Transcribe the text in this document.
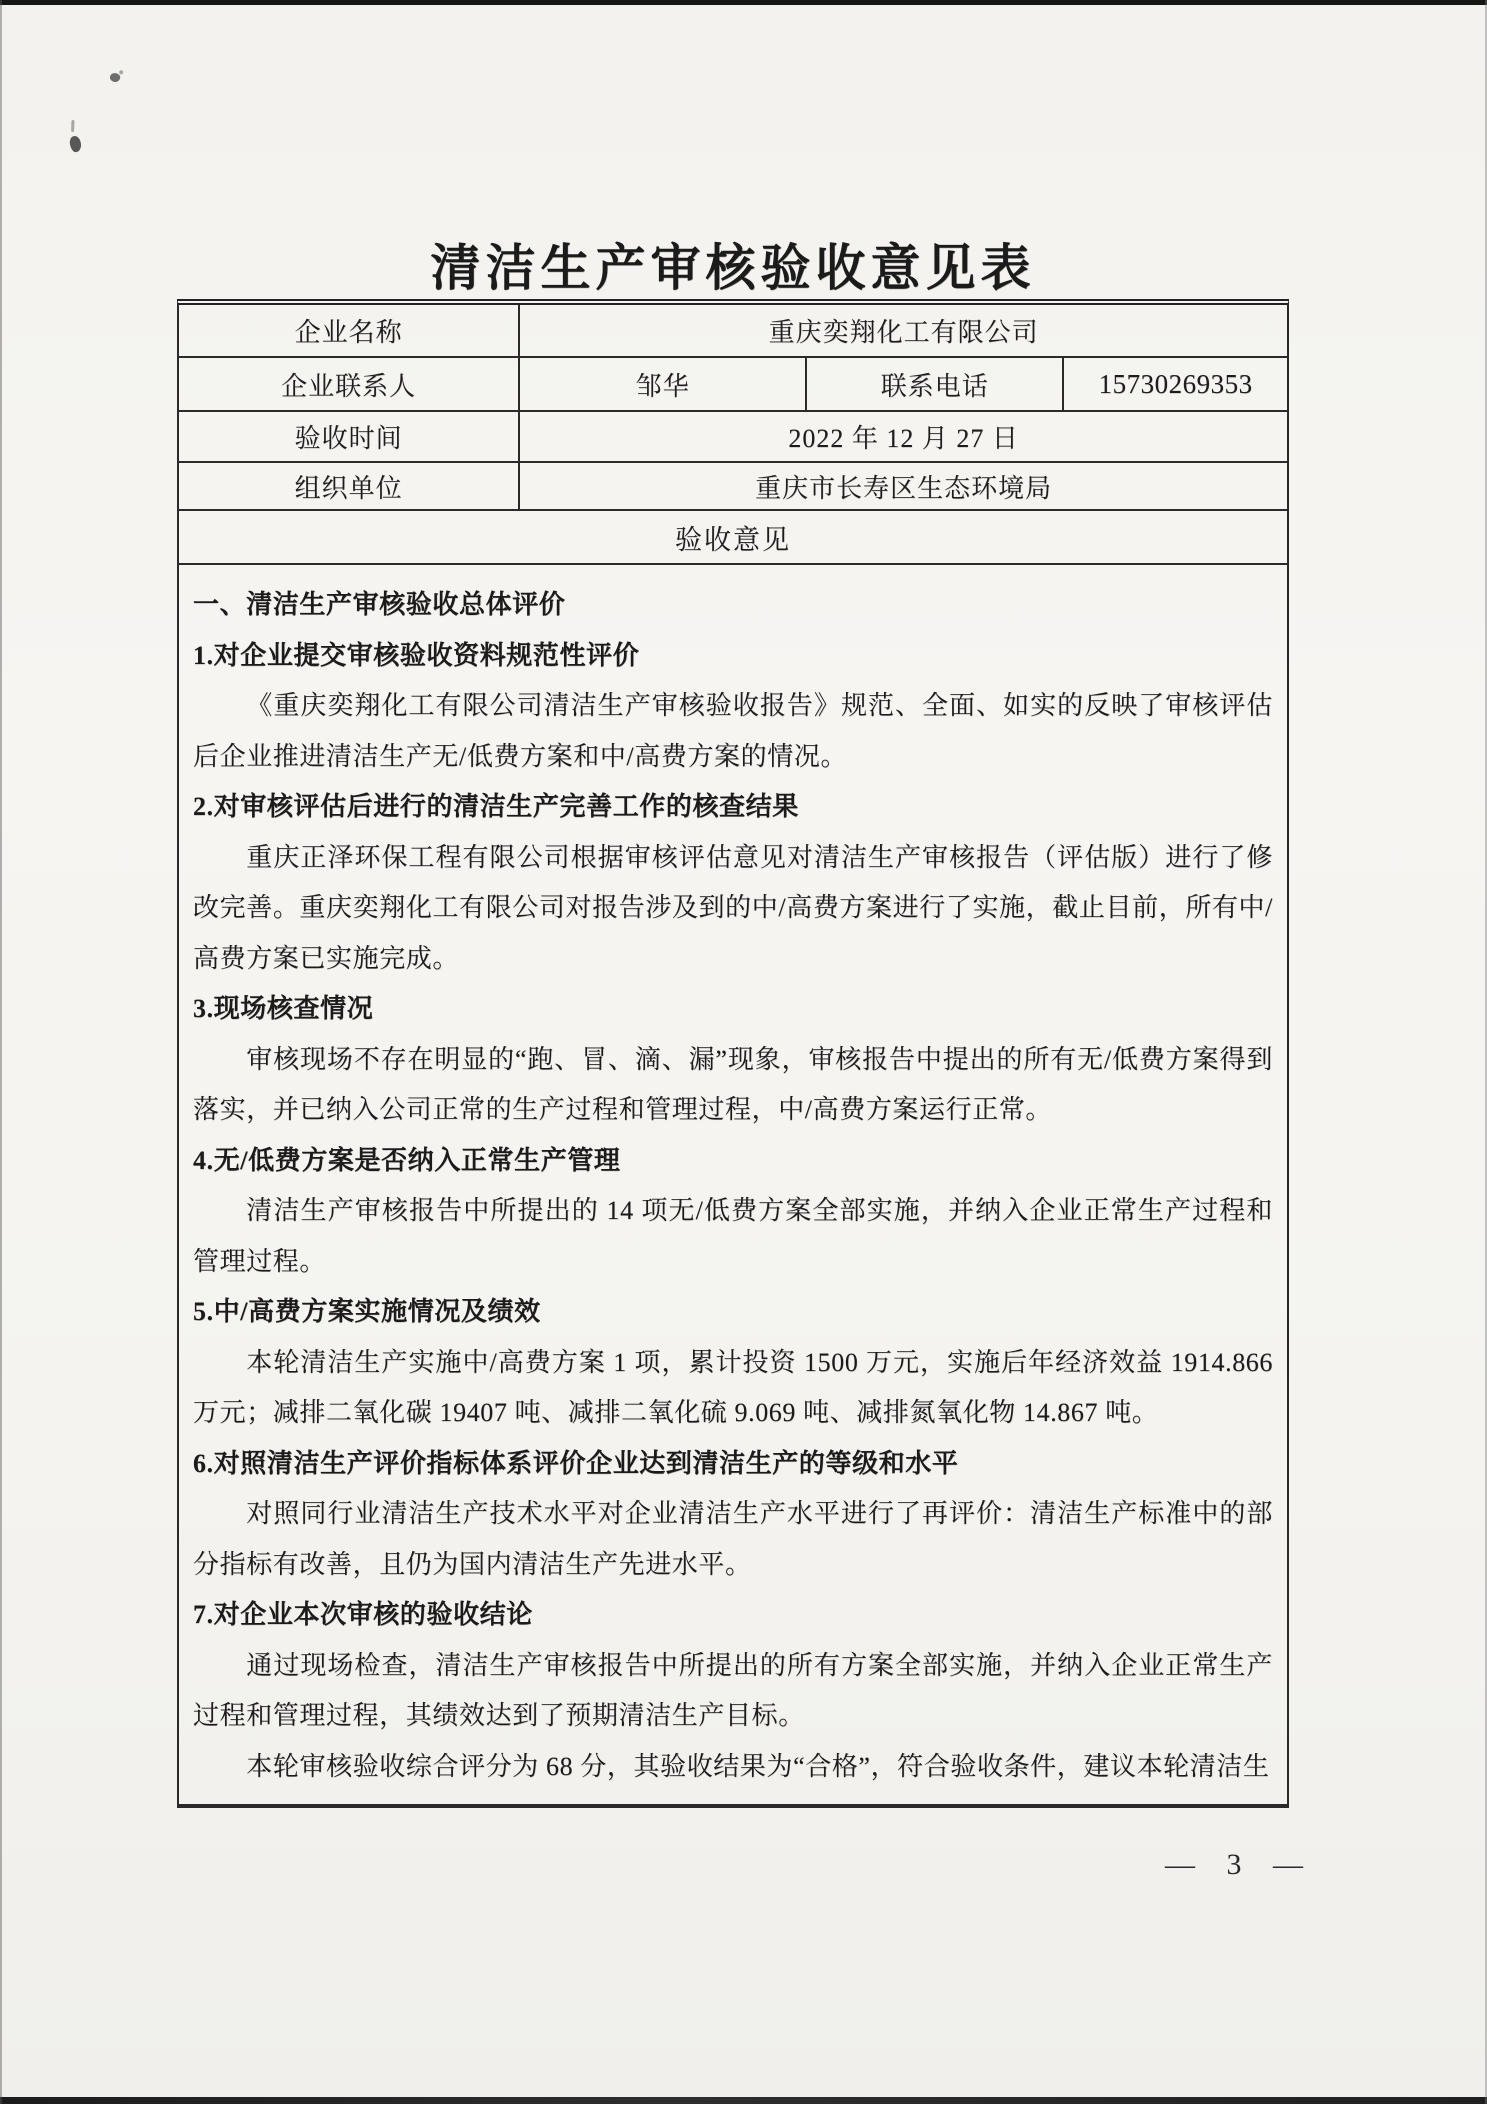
清洁生产审核验收意见表
企业名称	重庆奕翔化工有限公司
企业联系人	邹华	联系电话	15730269353
验收时间	2022 年 12 月 27 日
组织单位	重庆市长寿区生态环境局
验收意见

一、清洁生产审核验收总体评价

1.对企业提交审核验收资料规范性评价

《重庆奕翔化工有限公司清洁生产审核验收报告》规范、全面、如实的反映了审核评估后企业推进清洁生产无/低费方案和中/高费方案的情况。

2.对审核评估后进行的清洁生产完善工作的核查结果

重庆正泽环保工程有限公司根据审核评估意见对清洁生产审核报告（评估版）进行了修改完善。重庆奕翔化工有限公司对报告涉及到的中/高费方案进行了实施，截止目前，所有中/高费方案已实施完成。

3.现场核查情况

审核现场不存在明显的“跑、冒、滴、漏”现象，审核报告中提出的所有无/低费方案得到落实，并已纳入公司正常的生产过程和管理过程，中/高费方案运行正常。

4.无/低费方案是否纳入正常生产管理

清洁生产审核报告中所提出的 14 项无/低费方案全部实施，并纳入企业正常生产过程和管理过程。

5.中/高费方案实施情况及绩效

本轮清洁生产实施中/高费方案 1 项，累计投资 1500 万元，实施后年经济效益 1914.866 万元；减排二氧化碳 19407 吨、减排二氧化硫 9.069 吨、减排氮氧化物 14.867 吨。

6.对照清洁生产评价指标体系评价企业达到清洁生产的等级和水平

对照同行业清洁生产技术水平对企业清洁生产水平进行了再评价：清洁生产标准中的部分指标有改善，且仍为国内清洁生产先进水平。

7.对企业本次审核的验收结论

通过现场检查，清洁生产审核报告中所提出的所有方案全部实施，并纳入企业正常生产过程和管理过程，其绩效达到了预期清洁生产目标。

本轮审核验收综合评分为 68 分，其验收结果为“合格”，符合验收条件，建议本轮清洁生

— 3 —
